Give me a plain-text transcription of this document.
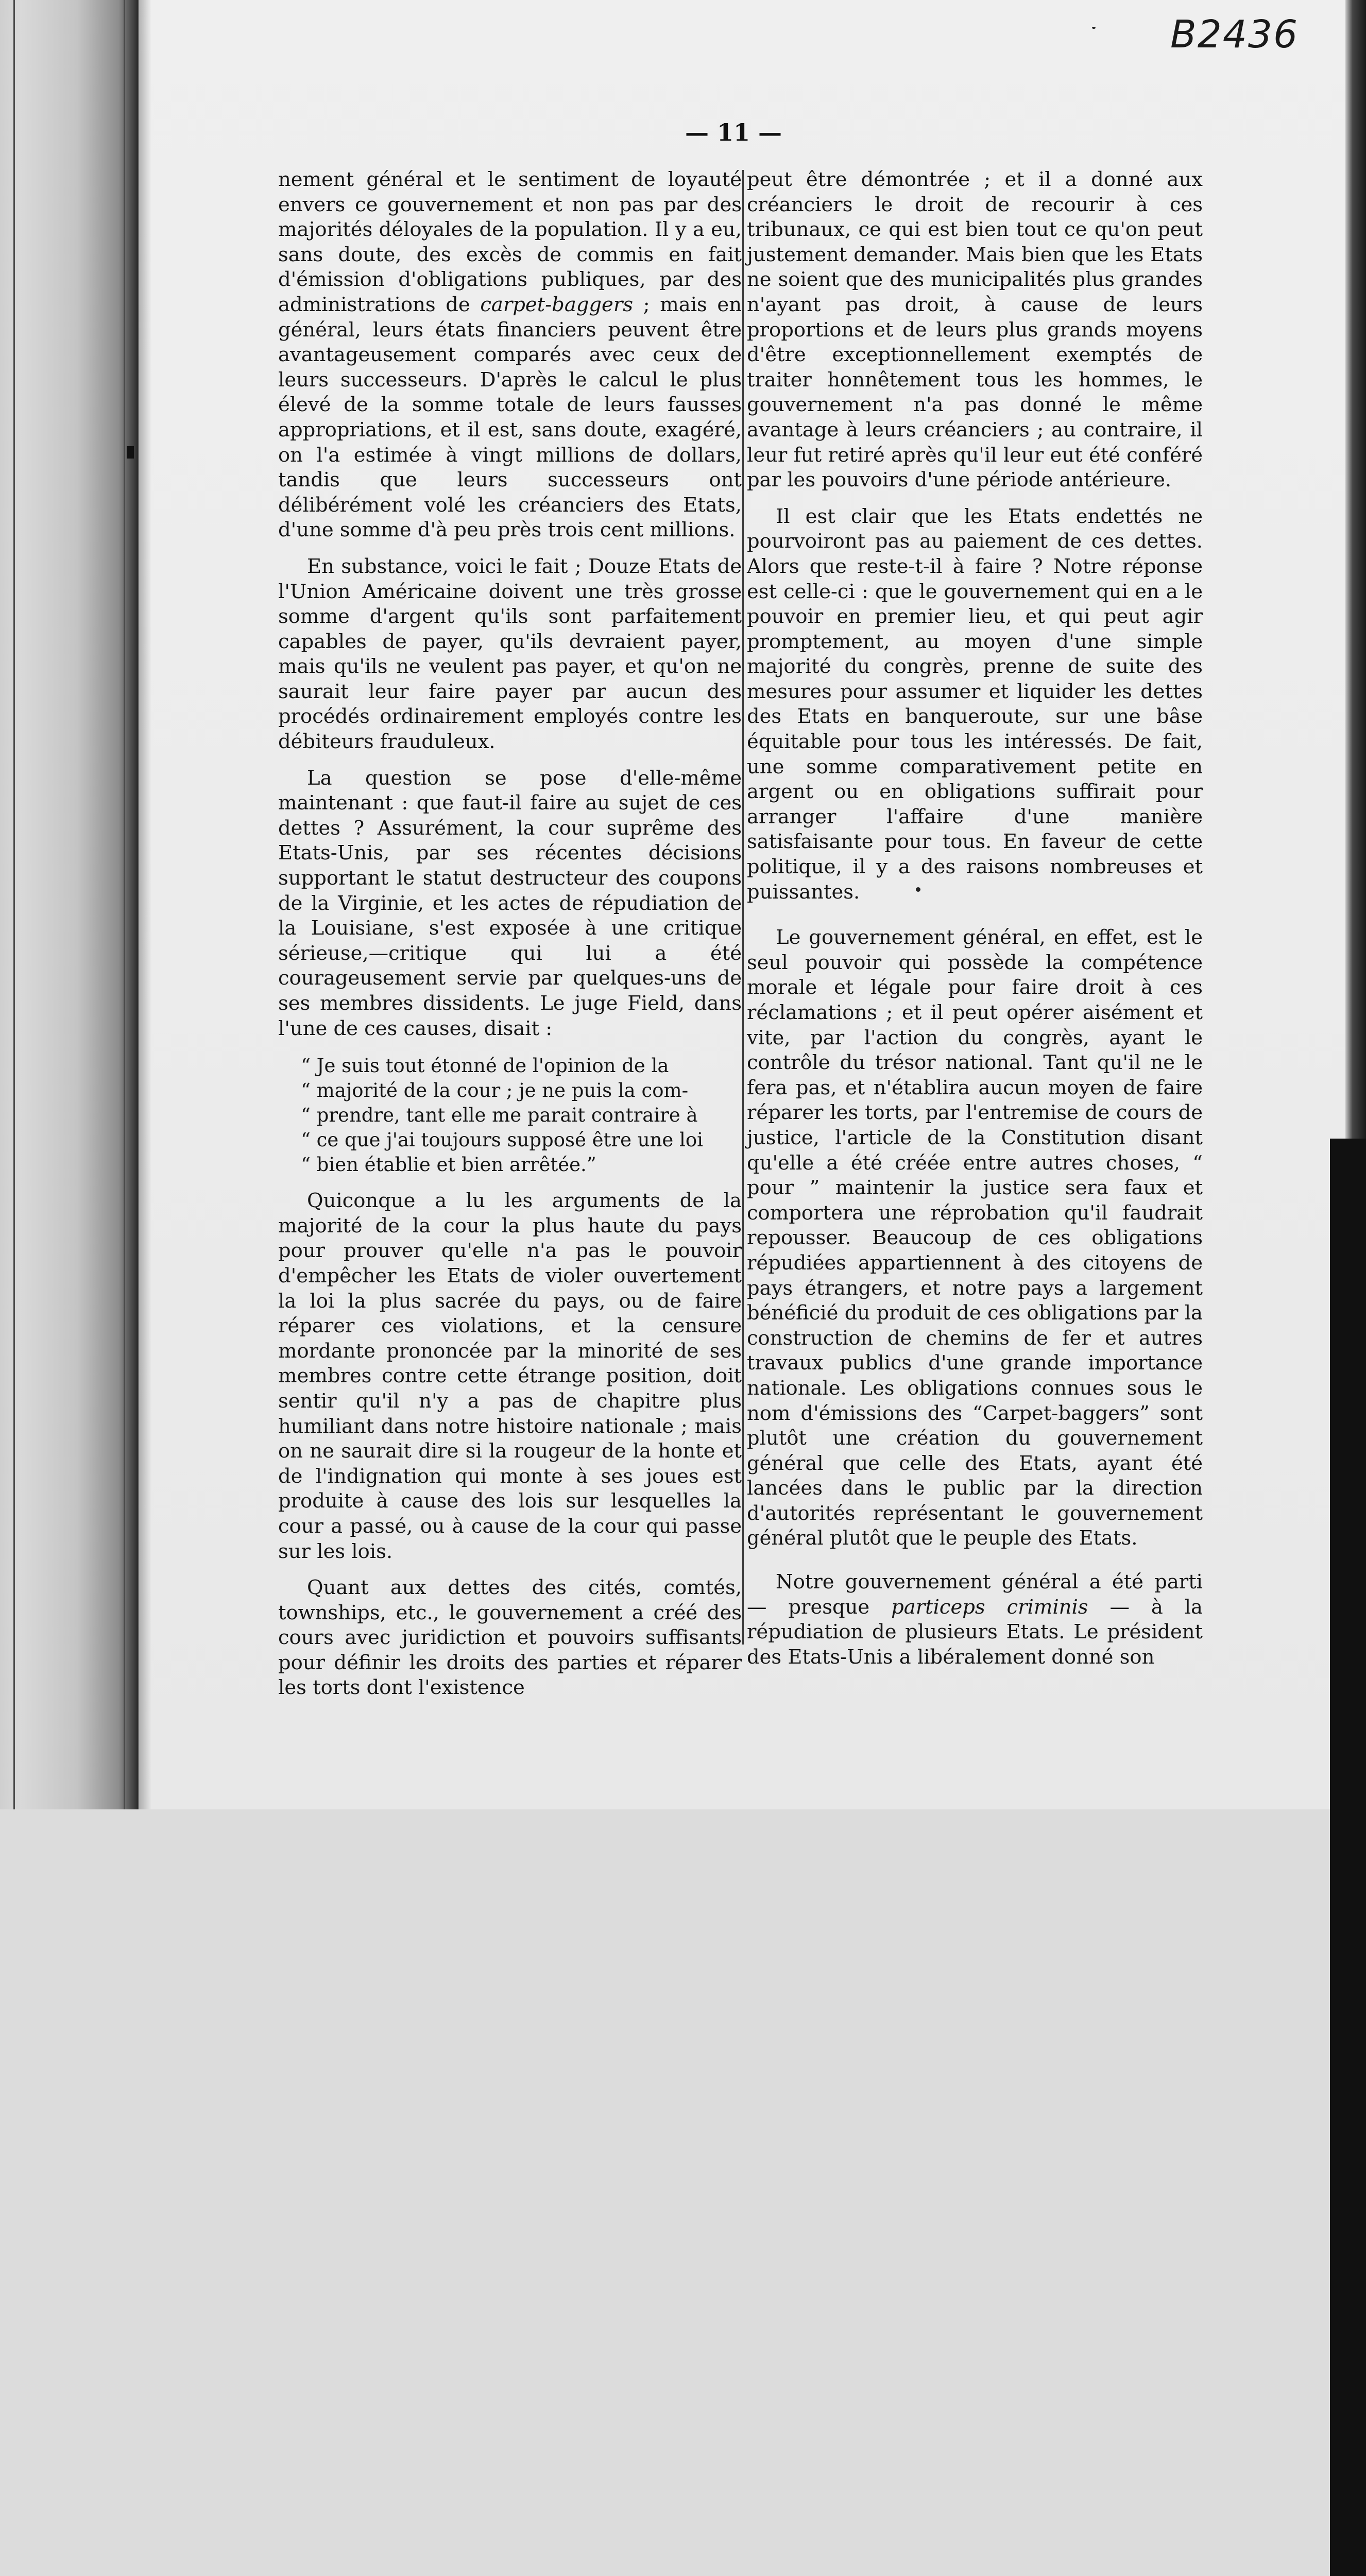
B2436

— 11 —

nement général et le sentiment de loyauté envers ce gouvernement et non pas par des majorités déloyales de la population. Il y a eu, sans doute, des excès de commis en fait d'émission d'obligations publiques, par des administrations de carpet-baggers ; mais en général, leurs états financiers peuvent être avantageusement comparés avec ceux de leurs successeurs. D'après le calcul le plus élevé de la somme totale de leurs fausses appropriations, et il est, sans doute, exagéré, on l'a estimée à vingt millions de dollars, tandis que leurs successeurs ont délibérément volé les créanciers des Etats, d'une somme d'à peu près trois cent millions.

En substance, voici le fait ; Douze Etats de l'Union Américaine doivent une très grosse somme d'argent qu'ils sont parfaitement capables de payer, qu'ils devraient payer, mais qu'ils ne veulent pas payer, et qu'on ne saurait leur faire payer par aucun des procédés ordinairement employés contre les débiteurs frauduleux.

La question se pose d'elle-même maintenant : que faut-il faire au sujet de ces dettes ? Assurément, la cour suprême des Etats-Unis, par ses récentes décisions supportant le statut destructeur des coupons de la Virginie, et les actes de répudiation de la Louisiane, s'est exposée à une critique sérieuse,—critique qui lui a été courageusement servie par quelques-uns de ses membres dissidents. Le juge Field, dans l'une de ces causes, disait :

“ Je suis tout étonné de l'opinion de la
“ majorité de la cour ; je ne puis la com-
“ prendre, tant elle me parait contraire à
“ ce que j'ai toujours supposé être une loi
“ bien établie et bien arrêtée.”

Quiconque a lu les arguments de la majorité de la cour la plus haute du pays pour prouver qu'elle n'a pas le pouvoir d'empêcher les Etats de violer ouvertement la loi la plus sacrée du pays, ou de faire réparer ces violations, et la censure mordante prononcée par la minorité de ses membres contre cette étrange position, doit sentir qu'il n'y a pas de chapitre plus humiliant dans notre histoire nationale ; mais on ne saurait dire si la rougeur de la honte et de l'indignation qui monte à ses joues est produite à cause des lois sur lesquelles la cour a passé, ou à cause de la cour qui passe sur les lois.

Quant aux dettes des cités, comtés, townships, etc., le gouvernement a créé des cours avec juridiction et pouvoirs suffisants pour définir les droits des parties et réparer les torts dont l'existence

peut être démontrée ; et il a donné aux créanciers le droit de recourir à ces tribunaux, ce qui est bien tout ce qu'on peut justement demander. Mais bien que les Etats ne soient que des municipalités plus grandes n'ayant pas droit, à cause de leurs proportions et de leurs plus grands moyens d'être exceptionnellement exemptés de traiter honnêtement tous les hommes, le gouvernement n'a pas donné le même avantage à leurs créanciers ; au contraire, il leur fut retiré après qu'il leur eut été conféré par les pouvoirs d'une période antérieure.

Il est clair que les Etats endettés ne pourvoiront pas au paiement de ces dettes. Alors que reste-t-il à faire ? Notre réponse est celle-ci : que le gouvernement qui en a le pouvoir en premier lieu, et qui peut agir promptement, au moyen d'une simple majorité du congrès, prenne de suite des mesures pour assumer et liquider les dettes des Etats en banqueroute, sur une bâse équitable pour tous les intéressés. De fait, une somme comparativement petite en argent ou en obligations suffirait pour arranger l'affaire d'une manière satisfaisante pour tous. En faveur de cette politique, il y a des raisons nombreuses et puissantes.

Le gouvernement général, en effet, est le seul pouvoir qui possède la compétence morale et légale pour faire droit à ces réclamations ; et il peut opérer aisément et vite, par l'action du congrès, ayant le contrôle du trésor national. Tant qu'il ne le fera pas, et n'établira aucun moyen de faire réparer les torts, par l'entremise de cours de justice, l'article de la Constitution disant qu'elle a été créée entre autres choses, “ pour ” maintenir la justice sera faux et comportera une réprobation qu'il faudrait repousser. Beaucoup de ces obligations répudiées appartiennent à des citoyens de pays étrangers, et notre pays a largement bénéficié du produit de ces obligations par la construction de chemins de fer et autres travaux publics d'une grande importance nationale. Les obligations connues sous le nom d'émissions des “Carpet-baggers” sont plutôt une création du gouvernement général que celle des Etats, ayant été lancées dans le public par la direction d'autorités représentant le gouvernement général plutôt que le peuple des Etats.

Notre gouvernement général a été parti — presque particeps criminis — à la répudiation de plusieurs Etats. Le président des Etats-Unis a libéralement donné son
